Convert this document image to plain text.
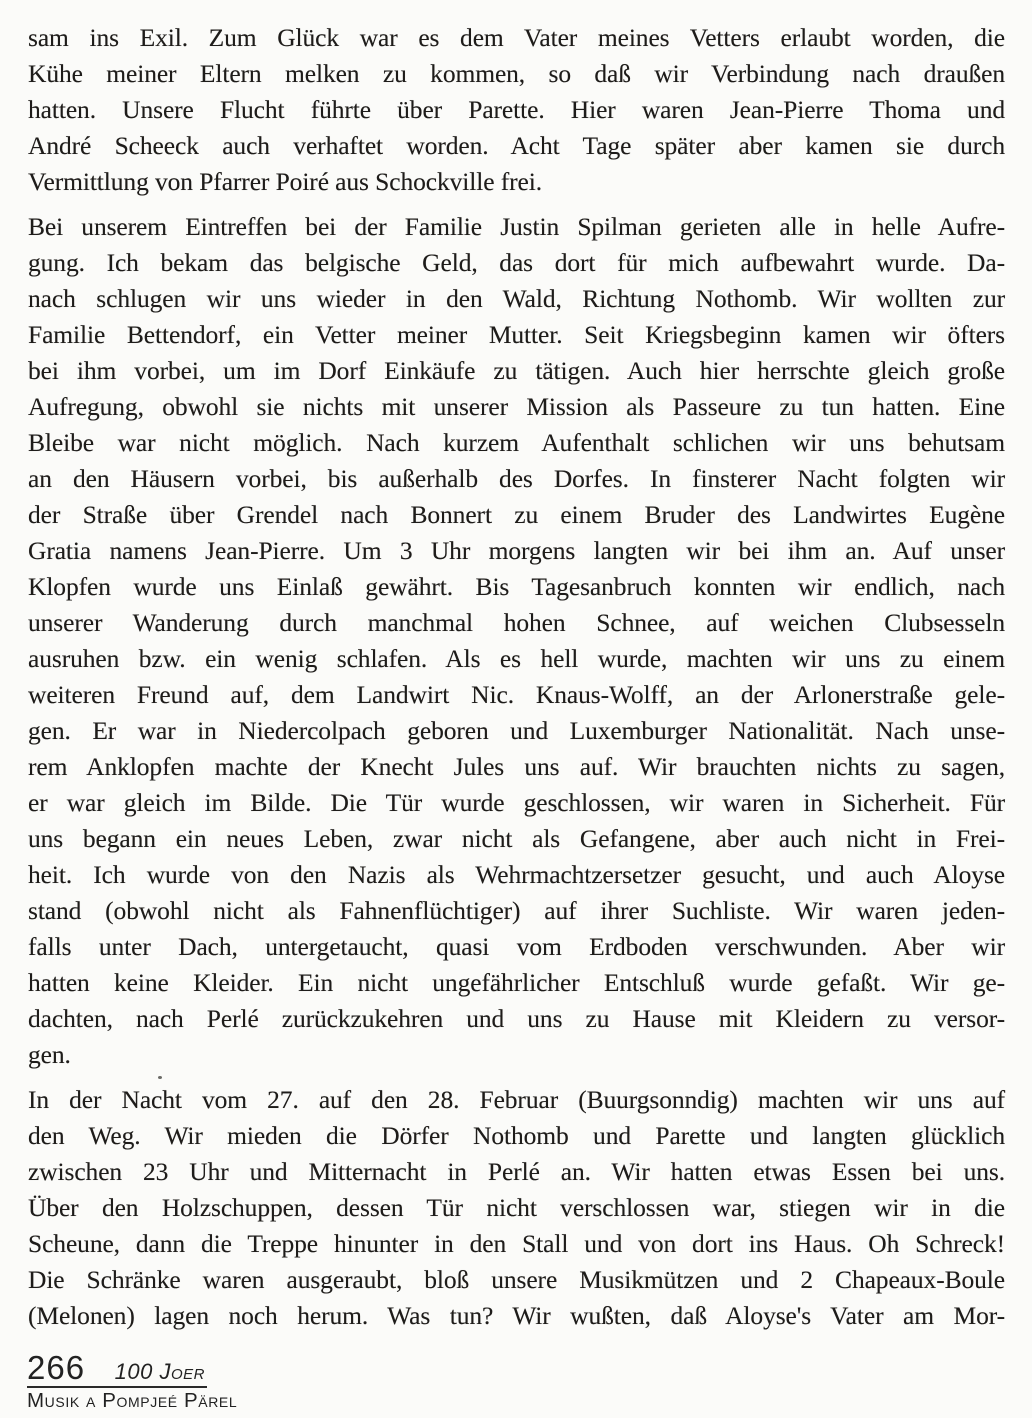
sam ins Exil. Zum Glück war es dem Vater meines Vetters erlaubt worden, die
Kühe meiner Eltern melken zu kommen, so daß wir Verbindung nach draußen
hatten. Unsere Flucht führte über Parette. Hier waren Jean-Pierre Thoma und
André Scheeck auch verhaftet worden. Acht Tage später aber kamen sie durch
Vermittlung von Pfarrer Poiré aus Schockville frei.
Bei unserem Eintreffen bei der Familie Justin Spilman gerieten alle in helle Aufre-
gung. Ich bekam das belgische Geld, das dort für mich aufbewahrt wurde. Da-
nach schlugen wir uns wieder in den Wald, Richtung Nothomb. Wir wollten zur
Familie Bettendorf, ein Vetter meiner Mutter. Seit Kriegsbeginn kamen wir öfters
bei ihm vorbei, um im Dorf Einkäufe zu tätigen. Auch hier herrschte gleich große
Aufregung, obwohl sie nichts mit unserer Mission als Passeure zu tun hatten. Eine
Bleibe war nicht möglich. Nach kurzem Aufenthalt schlichen wir uns behutsam
an den Häusern vorbei, bis außerhalb des Dorfes. In finsterer Nacht folgten wir
der Straße über Grendel nach Bonnert zu einem Bruder des Landwirtes Eugène
Gratia namens Jean-Pierre. Um 3 Uhr morgens langten wir bei ihm an. Auf unser
Klopfen wurde uns Einlaß gewährt. Bis Tagesanbruch konnten wir endlich, nach
unserer Wanderung durch manchmal hohen Schnee, auf weichen Clubsesseln
ausruhen bzw. ein wenig schlafen. Als es hell wurde, machten wir uns zu einem
weiteren Freund auf, dem Landwirt Nic. Knaus-Wolff, an der Arlonerstraße gele-
gen. Er war in Niedercolpach geboren und Luxemburger Nationalität. Nach unse-
rem Anklopfen machte der Knecht Jules uns auf. Wir brauchten nichts zu sagen,
er war gleich im Bilde. Die Tür wurde geschlossen, wir waren in Sicherheit. Für
uns begann ein neues Leben, zwar nicht als Gefangene, aber auch nicht in Frei-
heit. Ich wurde von den Nazis als Wehrmachtzersetzer gesucht, und auch Aloyse
stand (obwohl nicht als Fahnenflüchtiger) auf ihrer Suchliste. Wir waren jeden-
falls unter Dach, untergetaucht, quasi vom Erdboden verschwunden. Aber wir
hatten keine Kleider. Ein nicht ungefährlicher Entschluß wurde gefaßt. Wir ge-
dachten, nach Perlé zurückzukehren und uns zu Hause mit Kleidern zu versor-
gen.
In der Nacht vom 27. auf den 28. Februar (Buurgsonndig) machten wir uns auf
den Weg. Wir mieden die Dörfer Nothomb und Parette und langten glücklich
zwischen 23 Uhr und Mitternacht in Perlé an. Wir hatten etwas Essen bei uns.
Über den Holzschuppen, dessen Tür nicht verschlossen war, stiegen wir in die
Scheune, dann die Treppe hinunter in den Stall und von dort ins Haus. Oh Schreck!
Die Schränke waren ausgeraubt, bloß unsere Musikmützen und 2 Chapeaux-Boule
(Melonen) lagen noch herum. Was tun? Wir wußten, daß Aloyse's Vater am Mor-
266 100 Joer
Musik a Pompjeé Pärel
